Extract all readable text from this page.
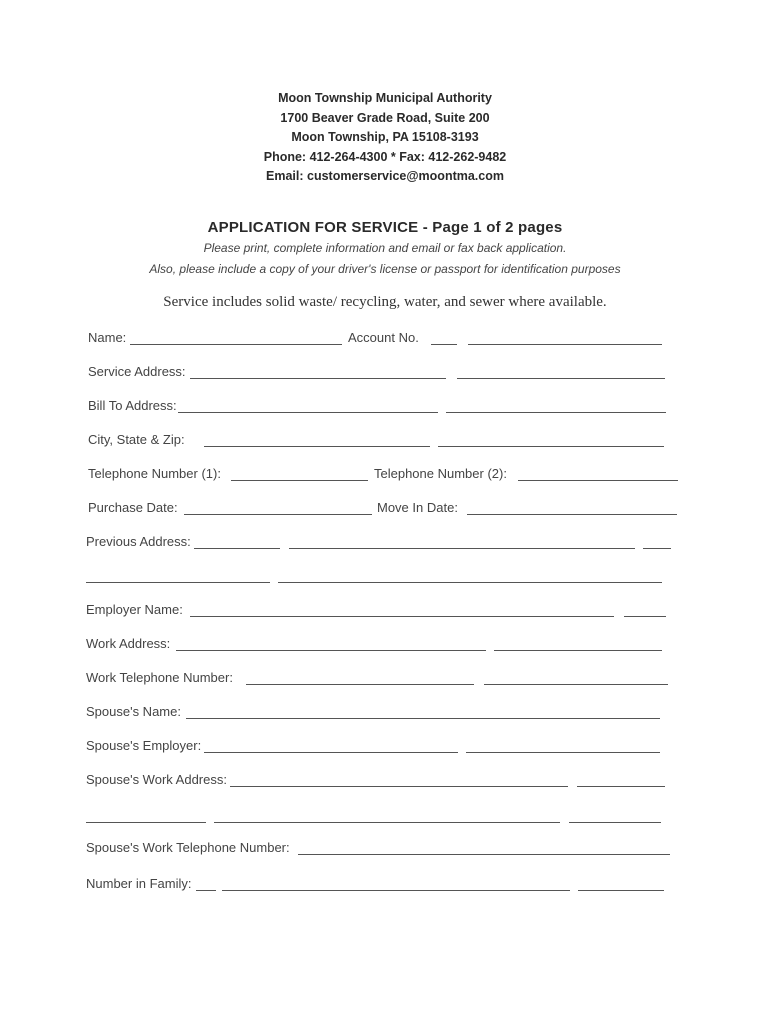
Moon Township Municipal Authority
1700 Beaver Grade Road, Suite 200
Moon Township, PA 15108-3193
Phone: 412-264-4300 * Fax: 412-262-9482
Email: customerservice@moontma.com
APPLICATION FOR SERVICE - Page 1 of 2 pages
Please print, complete information and email or fax back application.
Also, please include a copy of your driver's license or passport for identification purposes
Service includes solid waste/ recycling, water, and sewer where available.
Name:	Account No.
Service Address:
Bill To Address:
City, State & Zip:
Telephone Number (1):	Telephone Number (2):
Purchase Date:	Move In Date:
Previous Address:
Employer Name:
Work Address:
Work Telephone Number:
Spouse's Name:
Spouse's Employer:
Spouse's Work Address:
Spouse's Work Telephone Number:
Number in Family:
